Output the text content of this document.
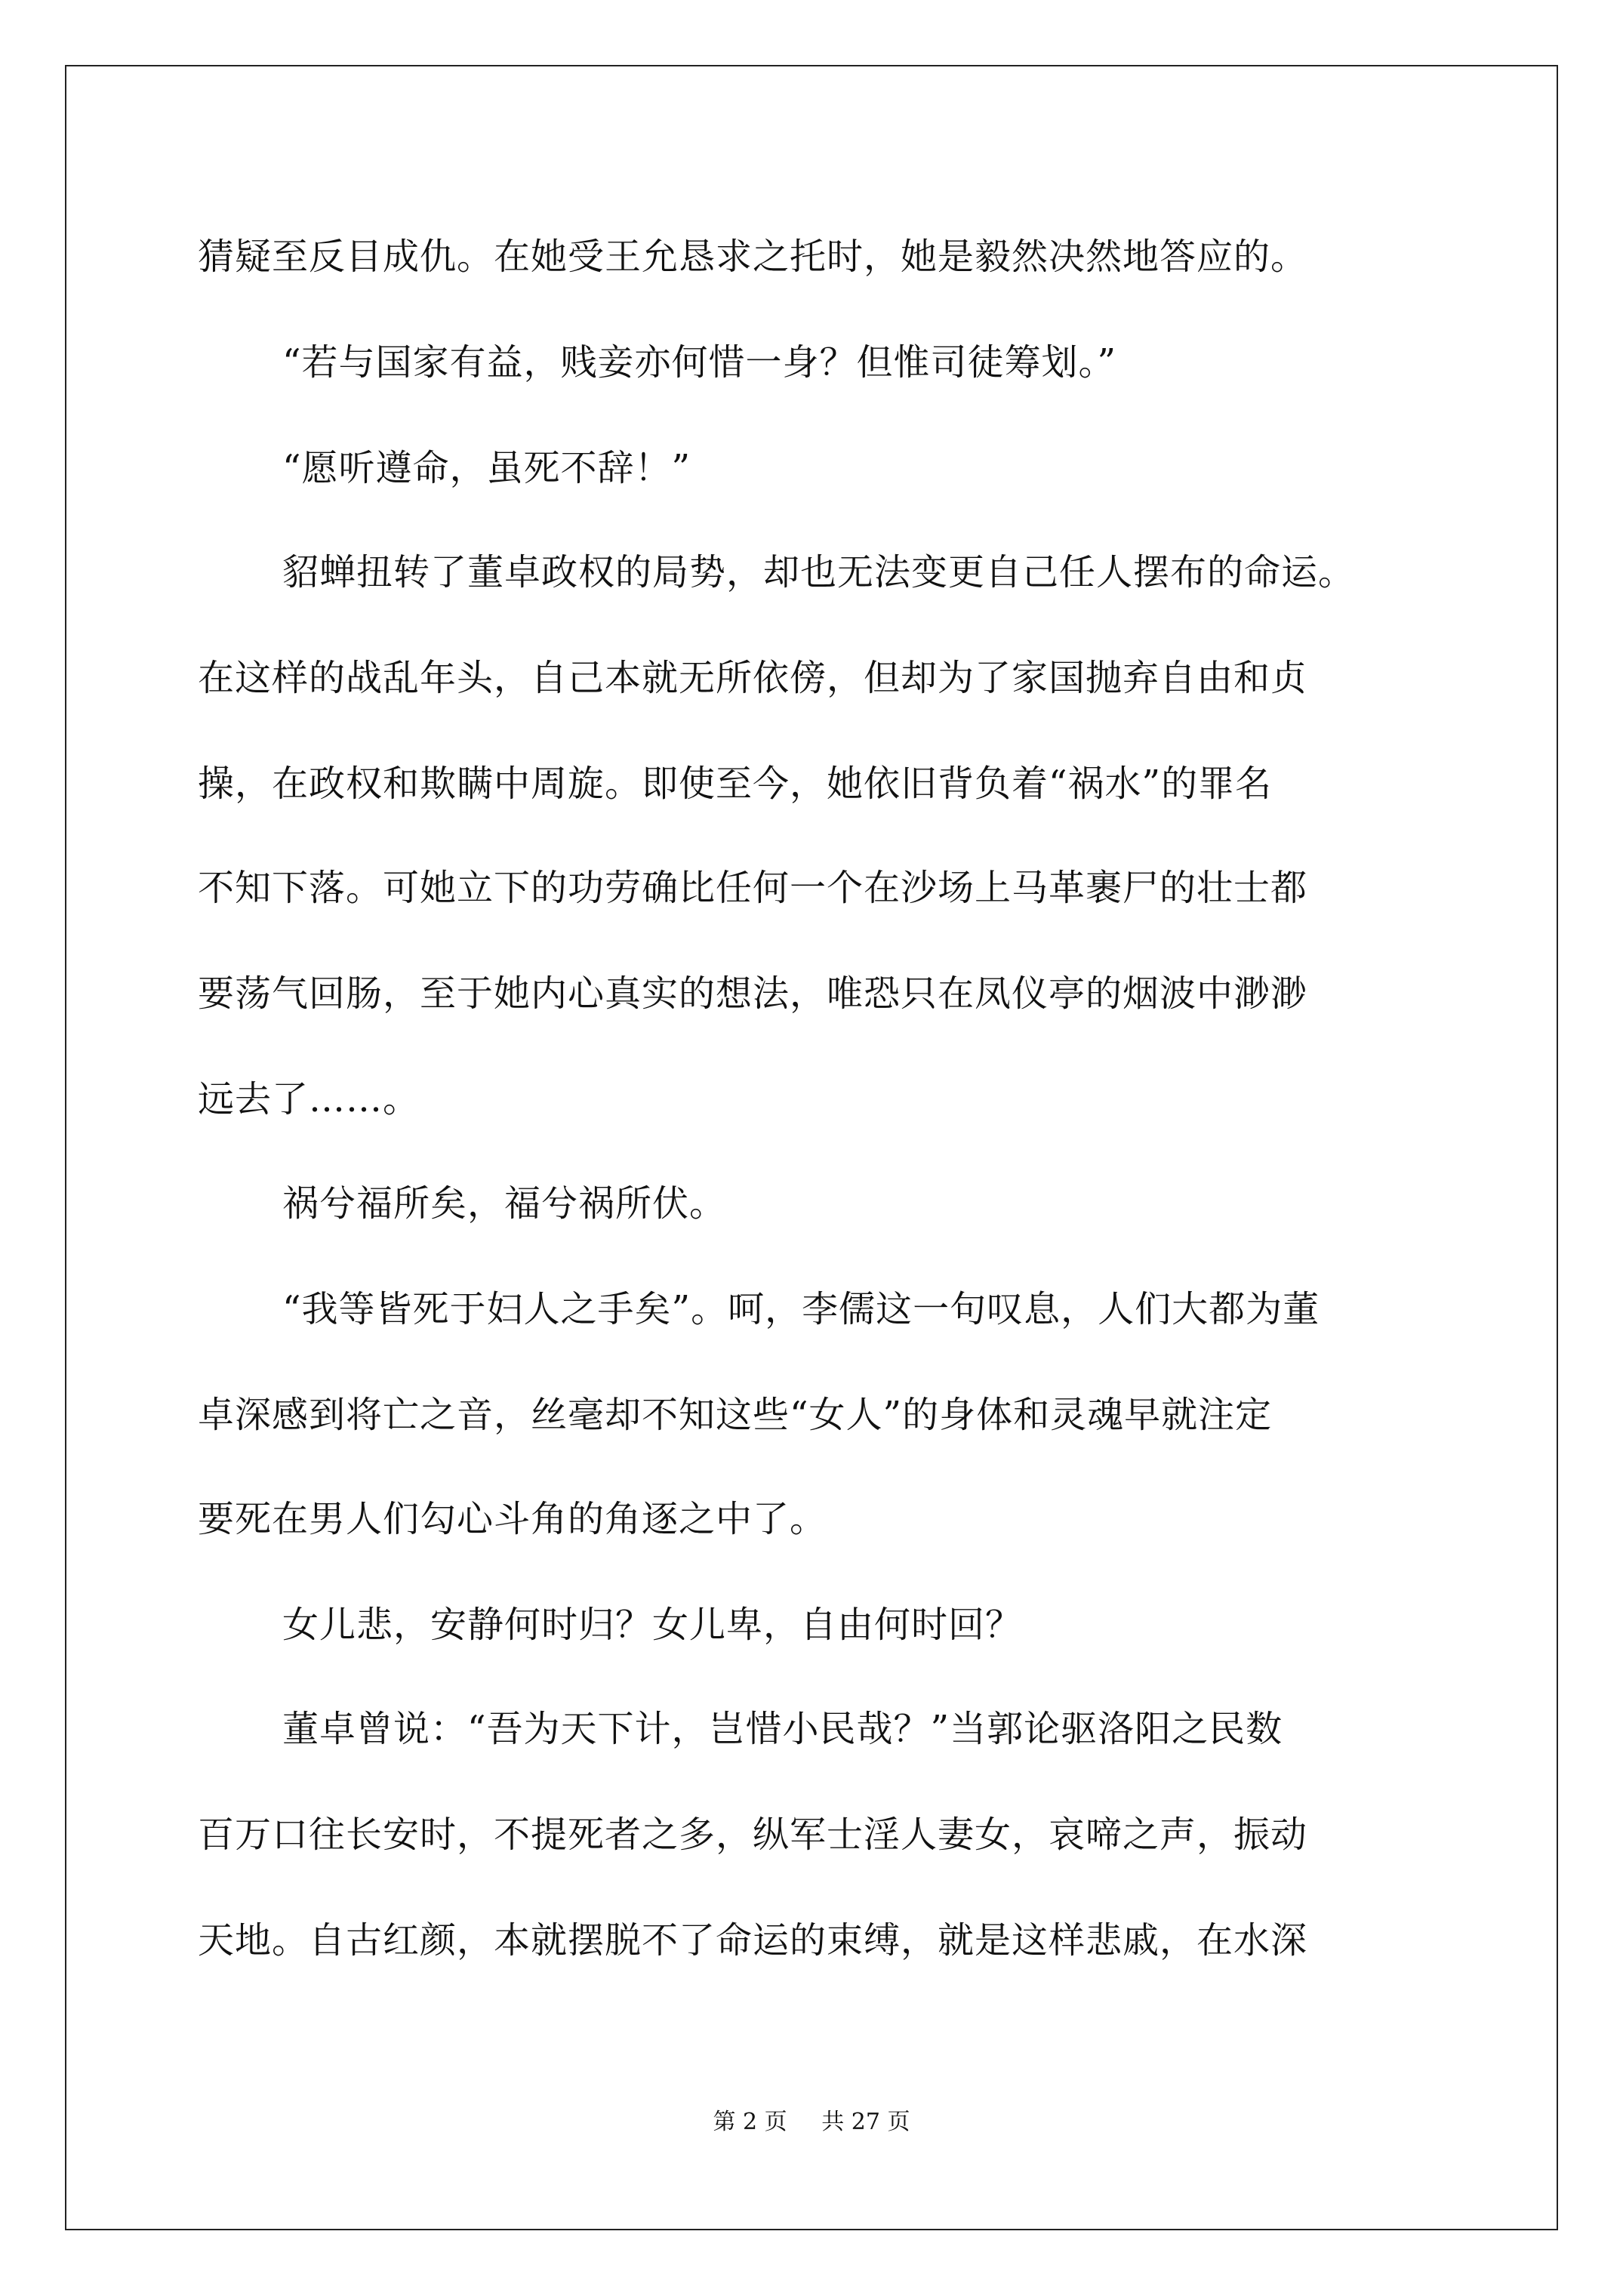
猜疑至反目成仇。在她受王允恳求之托时，她是毅然决然地答应的。
“若与国家有益，贱妾亦何惜一身？但惟司徒筹划。”
“愿听遵命，虽死不辞！”
貂蝉扭转了董卓政权的局势，却也无法变更自己任人摆布的命运。
在这样的战乱年头，自己本就无所依傍，但却为了家国抛弃自由和贞
操，在政权和欺瞒中周旋。即使至今，她依旧背负着“祸水”的罪名
不知下落。可她立下的功劳确比任何一个在沙场上马革裹尸的壮士都
要荡气回肠，至于她内心真实的想法，唯恐只在凤仪亭的烟波中渺渺
远去了……。
祸兮福所矣，福兮祸所伏。
“我等皆死于妇人之手矣”。呵，李儒这一句叹息，人们大都为董
卓深感到将亡之音，丝毫却不知这些“女人”的身体和灵魂早就注定
要死在男人们勾心斗角的角逐之中了。
女儿悲，安静何时归？女儿卑，自由何时回？
董卓曾说：“吾为天下计，岂惜小民哉？”当郭论驱洛阳之民数
百万口往长安时，不提死者之多，纵军士淫人妻女，哀啼之声，振动
天地。自古红颜，本就摆脱不了命运的束缚，就是这样悲戚，在水深
第 2 页 共 27 页
